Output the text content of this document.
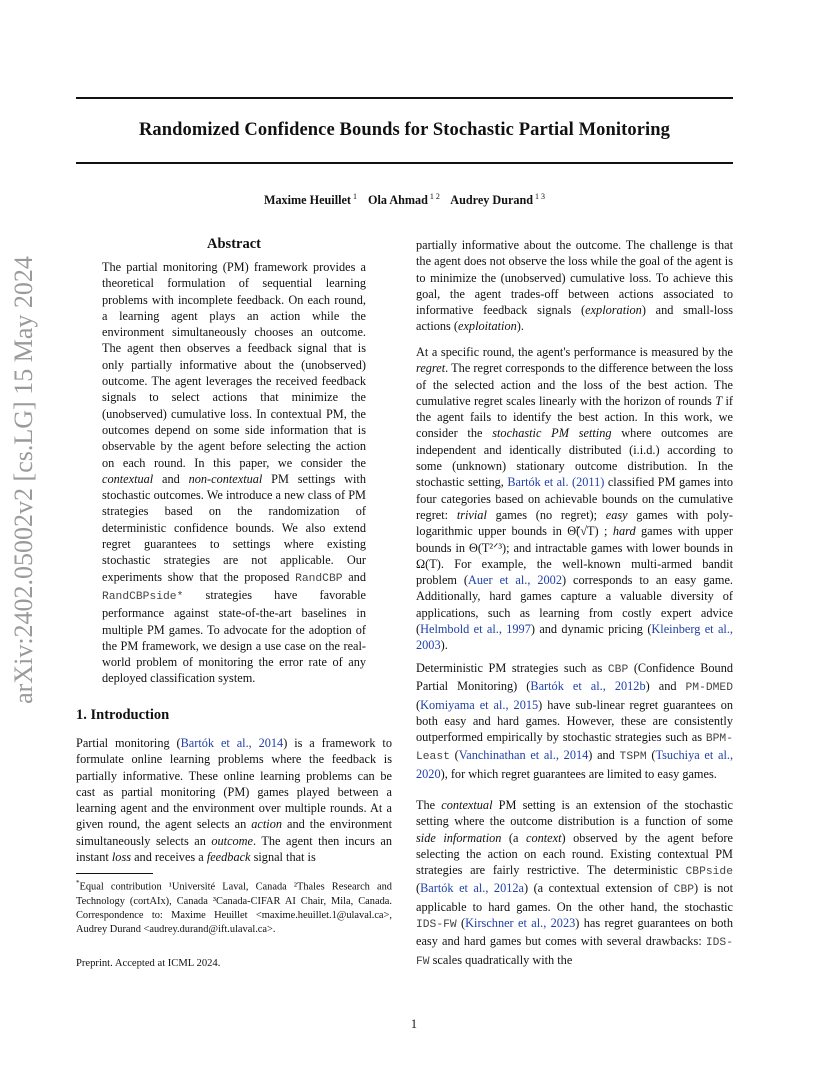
Randomized Confidence Bounds for Stochastic Partial Monitoring
Maxime Heuillet $^1$ Ola Ahmad $^{1 2}$ Audrey Durand $^{1 3}$
arXiv:2402.05002v2 [cs.LG] 15 May 2024
Abstract

The partial monitoring (PM) framework provides a theoretical formulation of sequential learning problems with incomplete feedback. On each round, a learning agent plays an action while the environment simultaneously chooses an outcome. The agent then observes a feedback signal that is only partially informative about the (unobserved) outcome. The agent leverages the received feedback signals to select actions that minimize the (unobserved) cumulative loss. In contextual PM, the outcomes depend on some side information that is observable by the agent before selecting the action on each round. In this paper, we consider the contextual and non-contextual PM settings with stochastic outcomes. We introduce a new class of PM strategies based on the randomization of deterministic confidence bounds. We also extend regret guarantees to settings where existing stochastic strategies are not applicable. Our experiments show that the proposed RandCBP and RandCBPside* strategies have favorable performance against state-of-the-art baselines in multiple PM games. To advocate for the adoption of the PM framework, we design a use case on the real-world problem of monitoring the error rate of any deployed classification system.

1. Introduction

Partial monitoring (Bartók et al., 2014) is a framework to formulate online learning problems where the feedback is partially informative. These online learning problems can be cast as partial monitoring (PM) games played between a learning agent and the environment over multiple rounds. At a given round, the agent selects an action and the environment simultaneously selects an outcome. The agent then incurs an instant loss and receives a feedback signal that is

*Equal contribution ¹Université Laval, Canada ²Thales Research and Technology (cortAIx), Canada ³Canada-CIFAR AI Chair, Mila, Canada. Correspondence to: Maxime Heuillet <maxime.heuillet.1@ulaval.ca>, Audrey Durand <audrey.durand@ift.ulaval.ca>.

Preprint. Accepted at ICML 2024.

partially informative about the outcome. The challenge is that the agent does not observe the loss while the goal of the agent is to minimize the (unobserved) cumulative loss. To achieve this goal, the agent trades-off between actions associated to informative feedback signals (exploration) and small-loss actions (exploitation).

At a specific round, the agent's performance is measured by the regret. The regret corresponds to the difference between the loss of the selected action and the loss of the best action. The cumulative regret scales linearly with the horizon of rounds T if the agent fails to identify the best action. In this work, we consider the stochastic PM setting where outcomes are independent and identically distributed (i.i.d.) according to some (unknown) stationary outcome distribution. In the stochastic setting, Bartók et al. (2011) classified PM games into four categories based on achievable bounds on the cumulative regret: trivial games (no regret); easy games with poly-logarithmic upper bounds in Θ̃(√T) ; hard games with upper bounds in Θ(T²ᐟ³); and intractable games with lower bounds in Ω(T). For example, the well-known multi-armed bandit problem (Auer et al., 2002) corresponds to an easy game. Additionally, hard games capture a valuable diversity of applications, such as learning from costly expert advice (Helmbold et al., 1997) and dynamic pricing (Kleinberg et al., 2003).

Deterministic PM strategies such as CBP (Confidence Bound Partial Monitoring) (Bartók et al., 2012b) and PM-DMED (Komiyama et al., 2015) have sub-linear regret guarantees on both easy and hard games. However, these are consistently outperformed empirically by stochastic strategies such as BPM-Least (Vanchinathan et al., 2014) and TSPM (Tsuchiya et al., 2020), for which regret guarantees are limited to easy games.

The contextual PM setting is an extension of the stochastic setting where the outcome distribution is a function of some side information (a context) observed by the agent before selecting the action on each round. Existing contextual PM strategies are fairly restrictive. The deterministic CBPside (Bartók et al., 2012a) (a contextual extension of CBP) is not applicable to hard games. On the other hand, the stochastic IDS-FW (Kirschner et al., 2023) has regret guarantees on both easy and hard games but comes with several drawbacks: IDS-FW scales quadratically with the

1
